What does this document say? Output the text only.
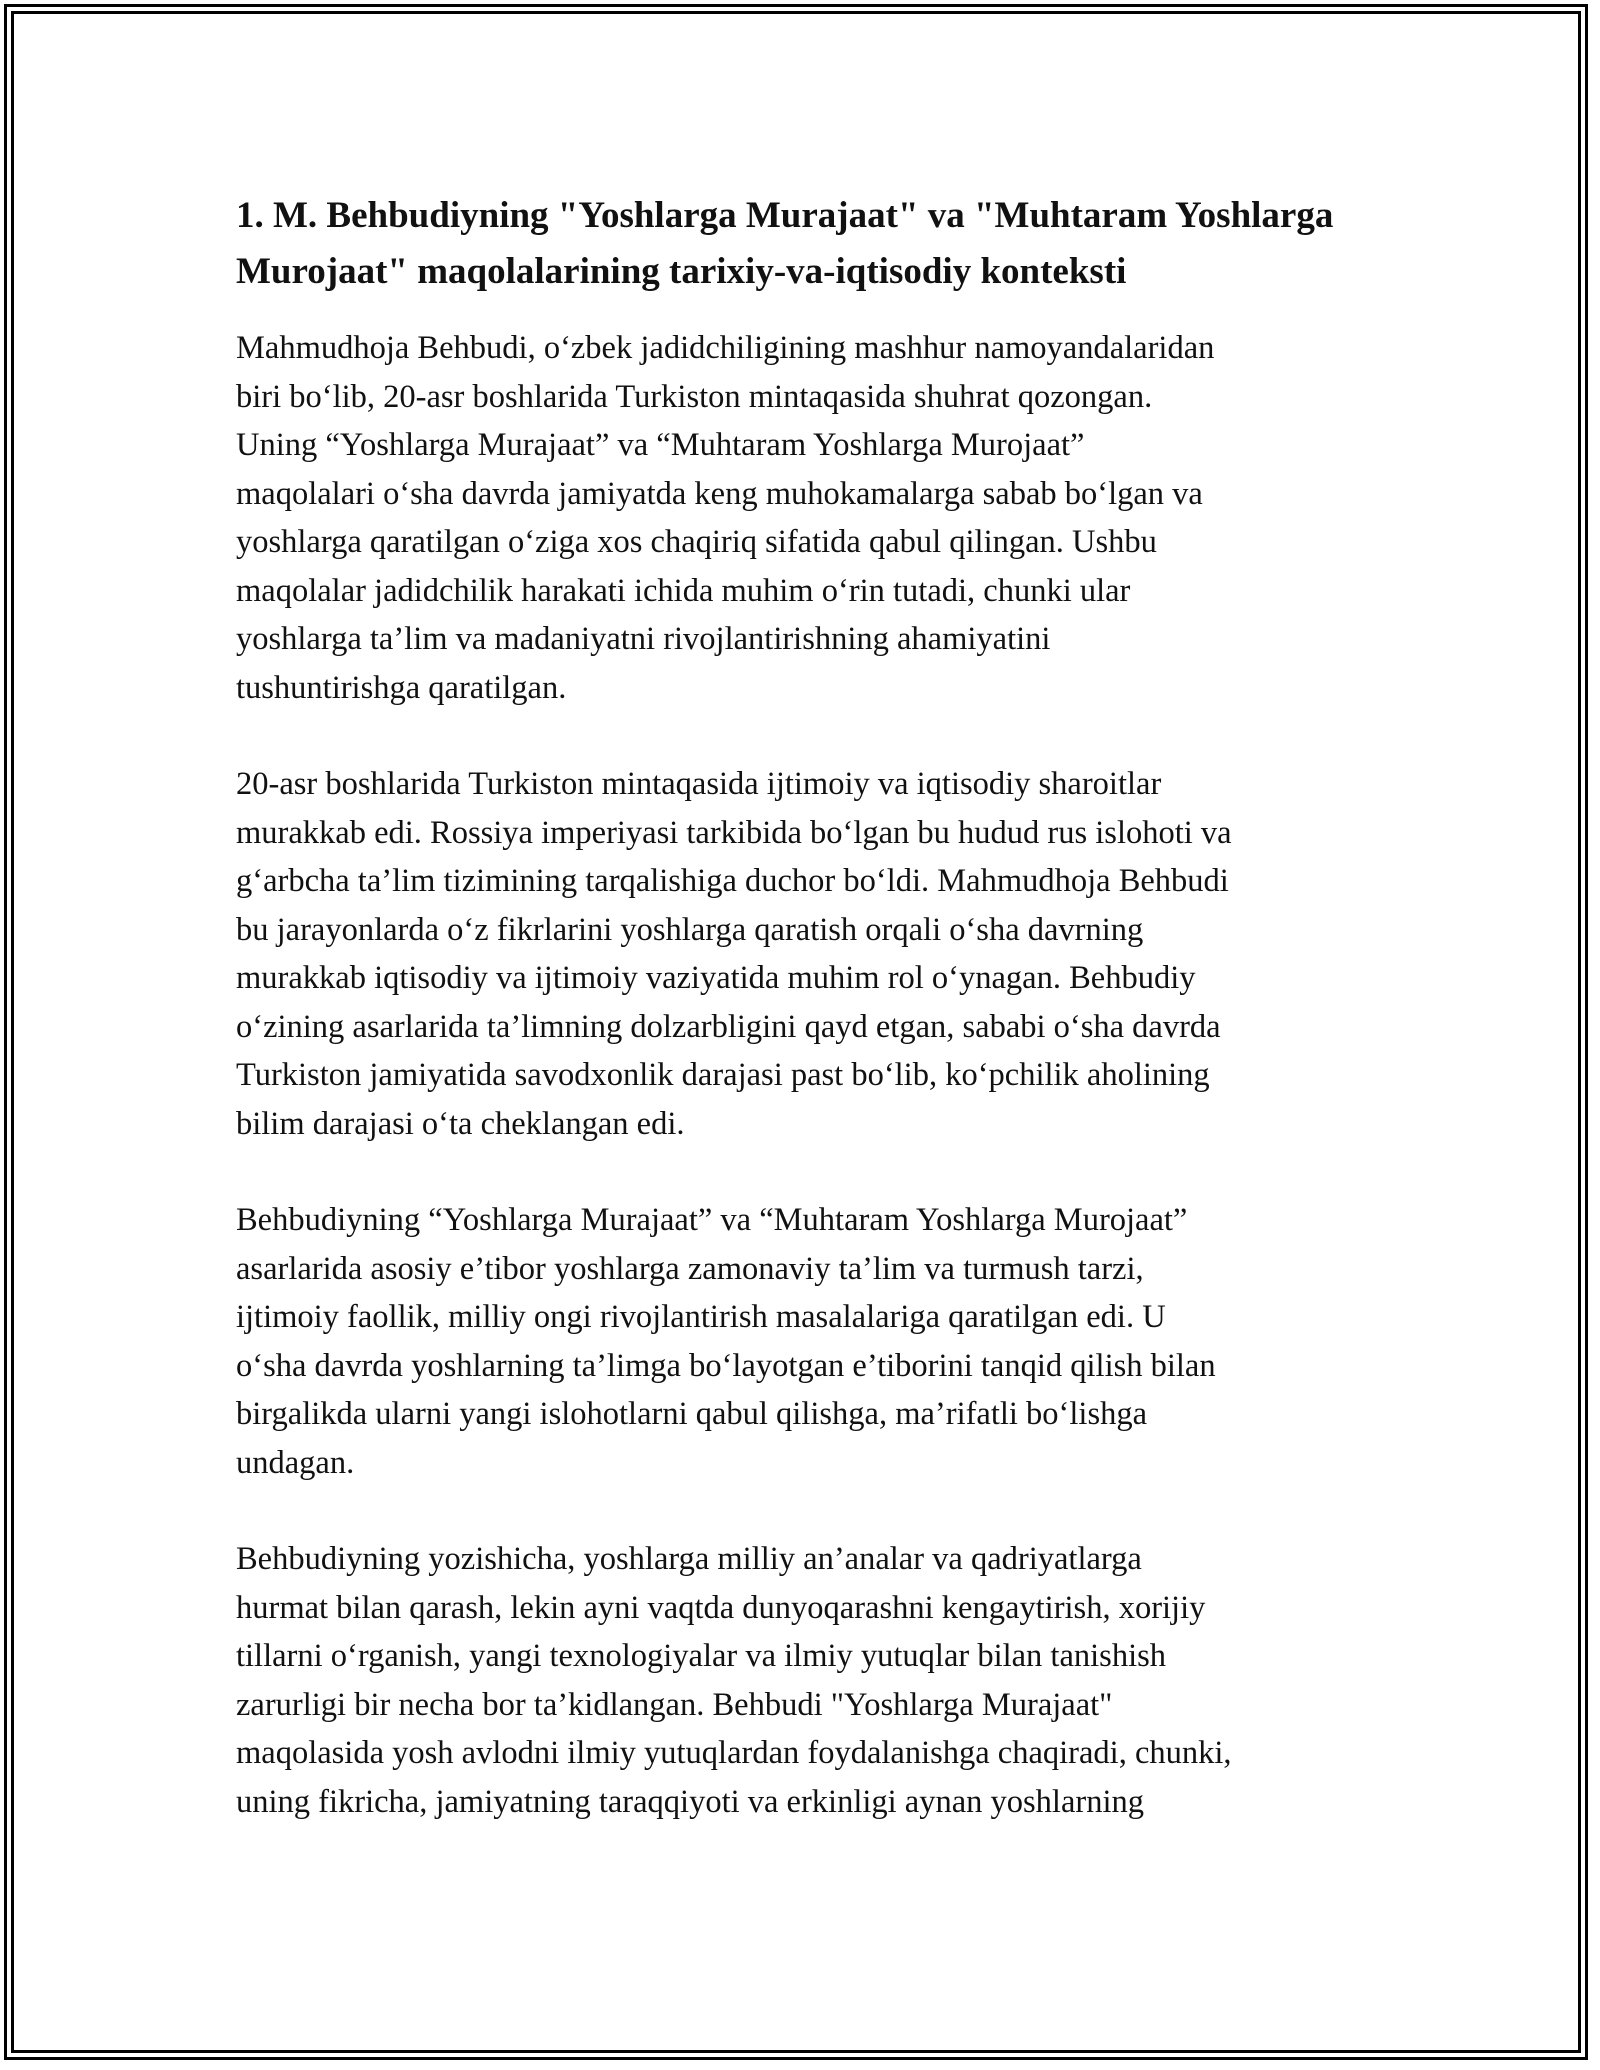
1. M. Behbudiyning "Yoshlarga Murajaat" va "Muhtaram Yoshlarga Murojaat" maqolalarining tarixiy-va-iqtisodiy konteksti

Mahmudhoja Behbudi, o‘zbek jadidchiligining mashhur namoyandalaridan
biri bo‘lib, 20-asr boshlarida Turkiston mintaqasida shuhrat qozongan.
Uning “Yoshlarga Murajaat” va “Muhtaram Yoshlarga Murojaat”
maqolalari o‘sha davrda jamiyatda keng muhokamalarga sabab bo‘lgan va
yoshlarga qaratilgan o‘ziga xos chaqiriq sifatida qabul qilingan. Ushbu
maqolalar jadidchilik harakati ichida muhim o‘rin tutadi, chunki ular
yoshlarga ta’lim va madaniyatni rivojlantirishning ahamiyatini
tushuntirishga qaratilgan.

20-asr boshlarida Turkiston mintaqasida ijtimoiy va iqtisodiy sharoitlar
murakkab edi. Rossiya imperiyasi tarkibida bo‘lgan bu hudud rus islohoti va
g‘arbcha ta’lim tizimining tarqalishiga duchor bo‘ldi. Mahmudhoja Behbudi
bu jarayonlarda o‘z fikrlarini yoshlarga qaratish orqali o‘sha davrning
murakkab iqtisodiy va ijtimoiy vaziyatida muhim rol o‘ynagan. Behbudiy
o‘zining asarlarida ta’limning dolzarbligini qayd etgan, sababi o‘sha davrda
Turkiston jamiyatida savodxonlik darajasi past bo‘lib, ko‘pchilik aholining
bilim darajasi o‘ta cheklangan edi.

Behbudiyning “Yoshlarga Murajaat” va “Muhtaram Yoshlarga Murojaat”
asarlarida asosiy e’tibor yoshlarga zamonaviy ta’lim va turmush tarzi,
ijtimoiy faollik, milliy ongi rivojlantirish masalalariga qaratilgan edi. U
o‘sha davrda yoshlarning ta’limga bo‘layotgan e’tiborini tanqid qilish bilan
birgalikda ularni yangi islohotlarni qabul qilishga, ma’rifatli bo‘lishga
undagan.

Behbudiyning yozishicha, yoshlarga milliy an’analar va qadriyatlarga
hurmat bilan qarash, lekin ayni vaqtda dunyoqarashni kengaytirish, xorijiy
tillarni o‘rganish, yangi texnologiyalar va ilmiy yutuqlar bilan tanishish
zarurligi bir necha bor ta’kidlangan. Behbudi "Yoshlarga Murajaat"
maqolasida yosh avlodni ilmiy yutuqlardan foydalanishga chaqiradi, chunki,
uning fikricha, jamiyatning taraqqiyoti va erkinligi aynan yoshlarning
